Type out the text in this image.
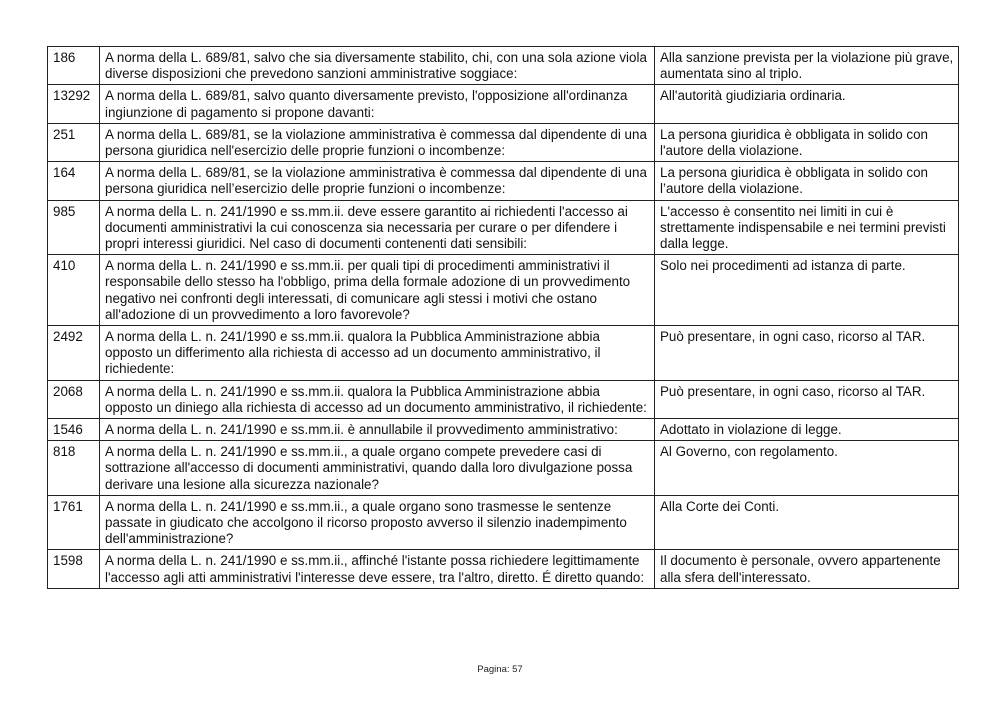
186	A norma della L. 689/81, salvo che sia diversamente stabilito, chi, con una sola azione viola diverse disposizioni che prevedono sanzioni amministrative soggiace:	Alla sanzione prevista per la violazione più grave, aumentata sino al triplo.
13292	A norma della L. 689/81, salvo quanto diversamente previsto, l'opposizione all'ordinanza ingiunzione di pagamento si propone davanti:	All'autorità giudiziaria ordinaria.
251	A norma della L. 689/81, se la violazione amministrativa è commessa dal dipendente di una persona giuridica nell'esercizio delle proprie funzioni o incombenze:	La persona giuridica è obbligata in solido con l'autore della violazione.
164	A norma della L. 689/81, se la violazione amministrativa è commessa dal dipendente di una persona giuridica nell’esercizio delle proprie funzioni o incombenze:	La persona giuridica è obbligata in solido con l’autore della violazione.
985	A norma della L. n. 241/1990 e ss.mm.ii. deve essere garantito ai richiedenti l'accesso ai documenti amministrativi la cui conoscenza sia necessaria per curare o per difendere i propri interessi giuridici. Nel caso di documenti contenenti dati sensibili:	L'accesso è consentito nei limiti in cui è strettamente indispensabile e nei termini previsti dalla legge.
410	A norma della L. n. 241/1990 e ss.mm.ii. per quali tipi di procedimenti amministrativi il responsabile dello stesso ha l'obbligo, prima della formale adozione di un provvedimento negativo nei confronti degli interessati, di comunicare agli stessi i motivi che ostano all'adozione di un provvedimento a loro favorevole?	Solo nei procedimenti ad istanza di parte.
2492	A norma della L. n. 241/1990 e ss.mm.ii. qualora la Pubblica Amministrazione abbia opposto un differimento alla richiesta di accesso ad un documento amministrativo, il richiedente:	Può presentare, in ogni caso, ricorso al TAR.
2068	A norma della L. n. 241/1990 e ss.mm.ii. qualora la Pubblica Amministrazione abbia opposto un diniego alla richiesta di accesso ad un documento amministrativo, il richiedente:	Può presentare, in ogni caso, ricorso al TAR.
1546	A norma della L. n. 241/1990 e ss.mm.ii. è annullabile il provvedimento amministrativo:	Adottato in violazione di legge.
818	A norma della L. n. 241/1990 e ss.mm.ii., a quale organo compete prevedere casi di sottrazione all'accesso di documenti amministrativi, quando dalla loro divulgazione possa derivare una lesione alla sicurezza nazionale?	Al Governo, con regolamento.
1761	A norma della L. n. 241/1990 e ss.mm.ii., a quale organo sono trasmesse le sentenze passate in giudicato che accolgono il ricorso proposto avverso il silenzio inadempimento dell'amministrazione?	Alla Corte dei Conti.
1598	A norma della L. n. 241/1990 e ss.mm.ii., affinché l'istante possa richiedere legittimamente l'accesso agli atti amministrativi l'interesse deve essere, tra l'altro, diretto. É diretto quando:	Il documento è personale, ovvero appartenente alla sfera dell'interessato.
Pagina: 57
